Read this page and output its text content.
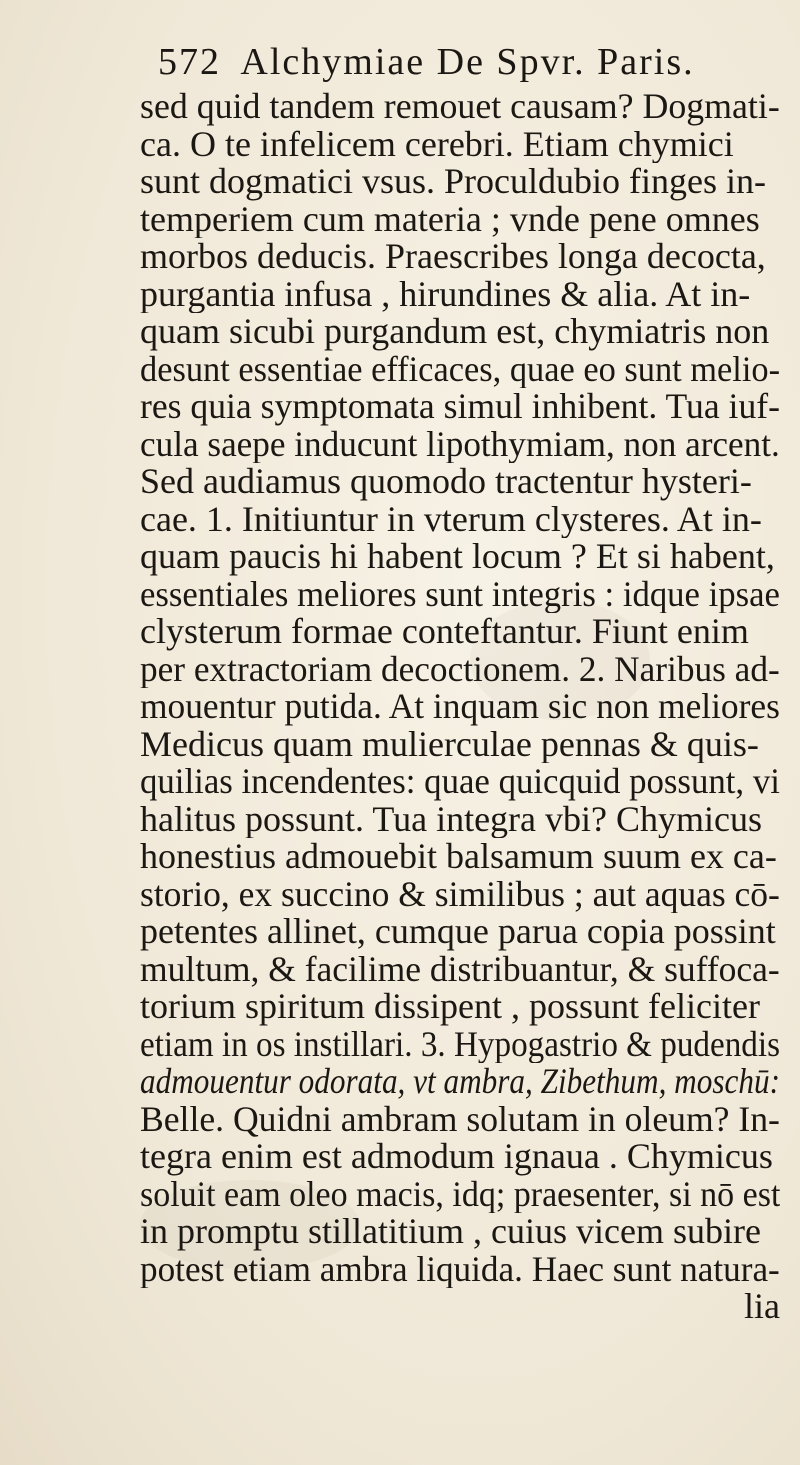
572 Alchymiae De Spvr. Paris.
sed quid tandem remouet causam? Dogmati-
ca. O te infelicem cerebri. Etiam chymici
sunt dogmatici vsus. Proculdubio finges in-
temperiem cum materia ; vnde pene omnes
morbos deducis. Praescribes longa decocta,
purgantia infusa , hirundines & alia. At in-
quam sicubi purgandum est, chymiatris non
desunt essentiae efficaces, quae eo sunt melio-
res quia symptomata simul inhibent. Tua iuf-
cula saepe inducunt lipothymiam, non arcent.
Sed audiamus quomodo tractentur hysteri-
cae. 1. Initiuntur in vterum clysteres. At in-
quam paucis hi habent locum ? Et si habent,
essentiales meliores sunt integris : idque ipsae
clysterum formae conteftantur. Fiunt enim
per extractoriam decoctionem. 2. Naribus ad-
mouentur putida. At inquam sic non meliores
Medicus quam mulierculae pennas & quis-
quilias incendentes: quae quicquid possunt, vi
halitus possunt. Tua integra vbi? Chymicus
honestius admouebit balsamum suum ex ca-
storio, ex succino & similibus ; aut aquas cō-
petentes allinet, cumque parua copia possint
multum, & facilime distribuantur, & suffoca-
torium spiritum dissipent , possunt feliciter
etiam in os instillari. 3. Hypogastrio & pudendis
admouentur odorata, vt ambra, Zibethum, moschū:
Belle. Quidni ambram solutam in oleum? In-
tegra enim est admodum ignaua . Chymicus
soluit eam oleo macis, idq; praesenter, si nō est
in promptu stillatitium , cuius vicem subire
potest etiam ambra liquida. Haec sunt natura-
lia
